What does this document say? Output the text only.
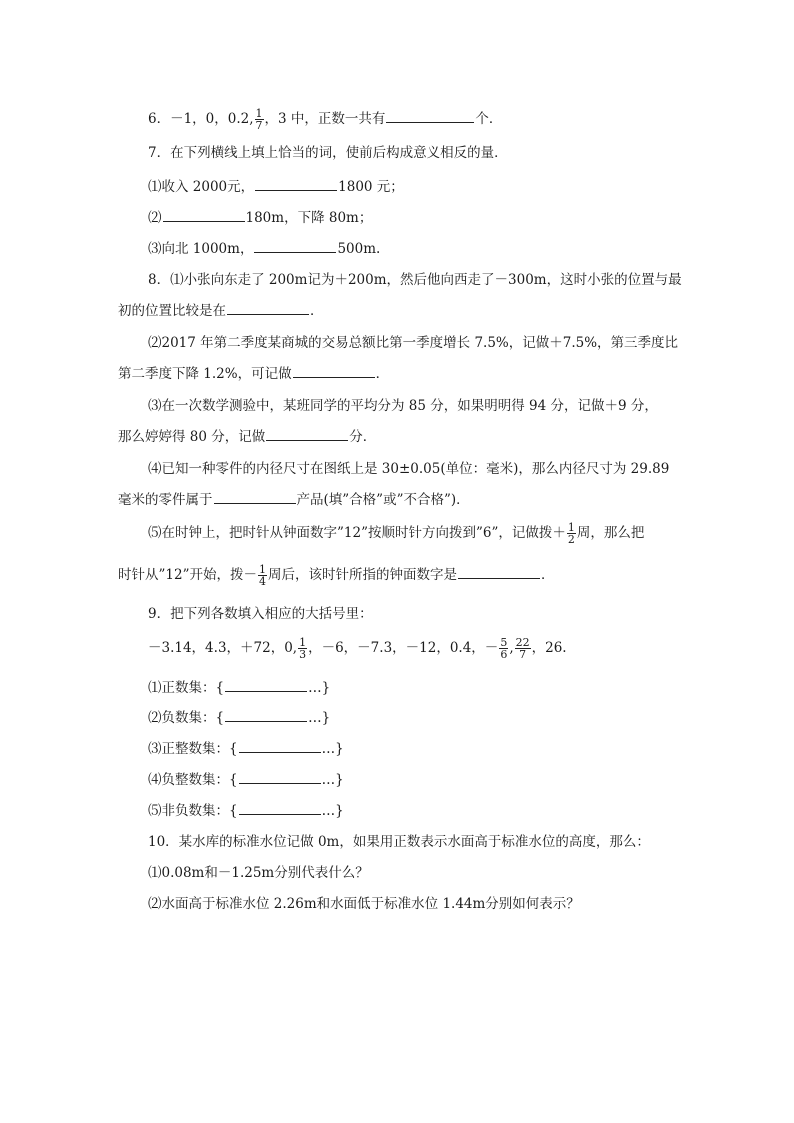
6．－1，0，0.2, $\frac{1}{7}$ ，3 中，正数一共有	个．
7．在下列横线上填上恰当的词，使前后构成意义相反的量．
⑴收入 2000元，	1800 元；
⑵	180m，下降 80m；
⑶向北 1000m，	500m.
8．⑴小张向东走了 200m记为＋200m，然后他向西走了－300m，这时小张的位置与最
初的位置比较是在	．
⑵2017 年第二季度某商城的交易总额比第一季度增长 7.5%，记做＋7.5%，第三季度比
第二季度下降 1.2%，可记做	．
⑶在一次数学测验中，某班同学的平均分为 85 分，如果明明得 94 分，记做＋9 分，
那么婷婷得 80 分，记做	分．
⑷已知一种零件的内径尺寸在图纸上是 30±0.05(单位：毫米)，那么内径尺寸为 29.89
毫米的零件属于	产品(填”合格”或”不合格”)．
⑸在时钟上，把时针从钟面数字”12”按顺时针方向拨到”6”，记做拨＋ $\frac{1}{2}$ 周，那么把
时针从”12”开始，拨－ $\frac{1}{4}$ 周后，该时针所指的钟面数字是	．
9．把下列各数填入相应的大括号里：
－3.14，4.3，＋72，0, $\frac{1}{3}$ ，－6，－7.3，－12，0.4，－ $\frac{5}{6}$ , $\frac{22}{7}$ ，26.
⑴正数集：{	…}
⑵负数集：{	…}
⑶正整数集：{	…}
⑷负整数集：{	…}
⑸非负数集：{	…}
10．某水库的标准水位记做 0m，如果用正数表示水面高于标准水位的高度，那么：
⑴0.08m和－1.25m分别代表什么？
⑵水面高于标准水位 2.26m和水面低于标准水位 1.44m分别如何表示？
